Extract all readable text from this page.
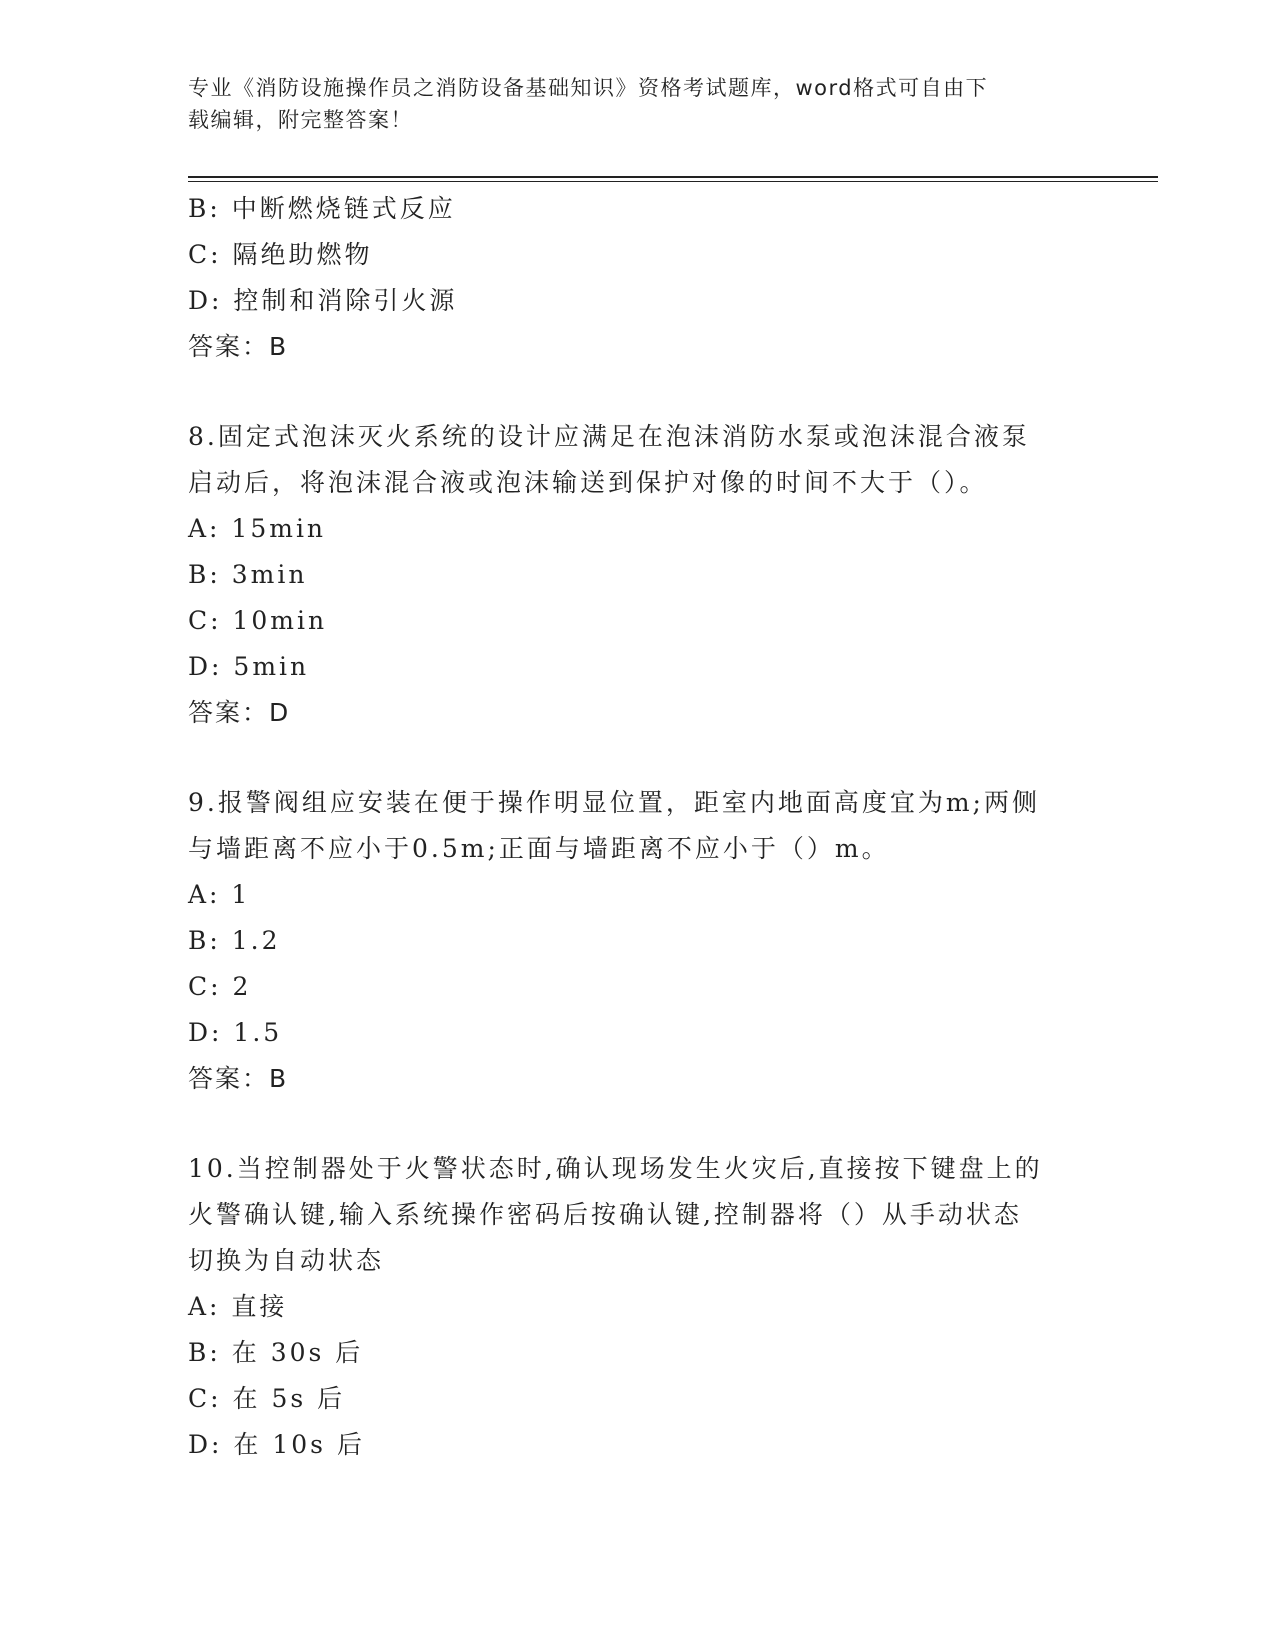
专业《消防设施操作员之消防设备基础知识》资格考试题库，word格式可自由下
载编辑，附完整答案！
B: 中断燃烧链式反应
C: 隔绝助燃物
D: 控制和消除引火源
答案：B
8.固定式泡沫灭火系统的设计应满足在泡沫消防水泵或泡沫混合液泵
启动后，将泡沫混合液或泡沫输送到保护对像的时间不大于（）。
A: 15min
B: 3min
C: 10min
D: 5min
答案：D
9.报警阀组应安装在便于操作明显位置，距室内地面高度宜为m;两侧
与墙距离不应小于0.5m;正面与墙距离不应小于（）m。
A: 1
B: 1.2
C: 2
D: 1.5
答案：B
10.当控制器处于火警状态时,确认现场发生火灾后,直接按下键盘上的
火警确认键,输入系统操作密码后按确认键,控制器将（）从手动状态
切换为自动状态
A: 直接
B: 在 30s 后
C: 在 5s 后
D: 在 10s 后
